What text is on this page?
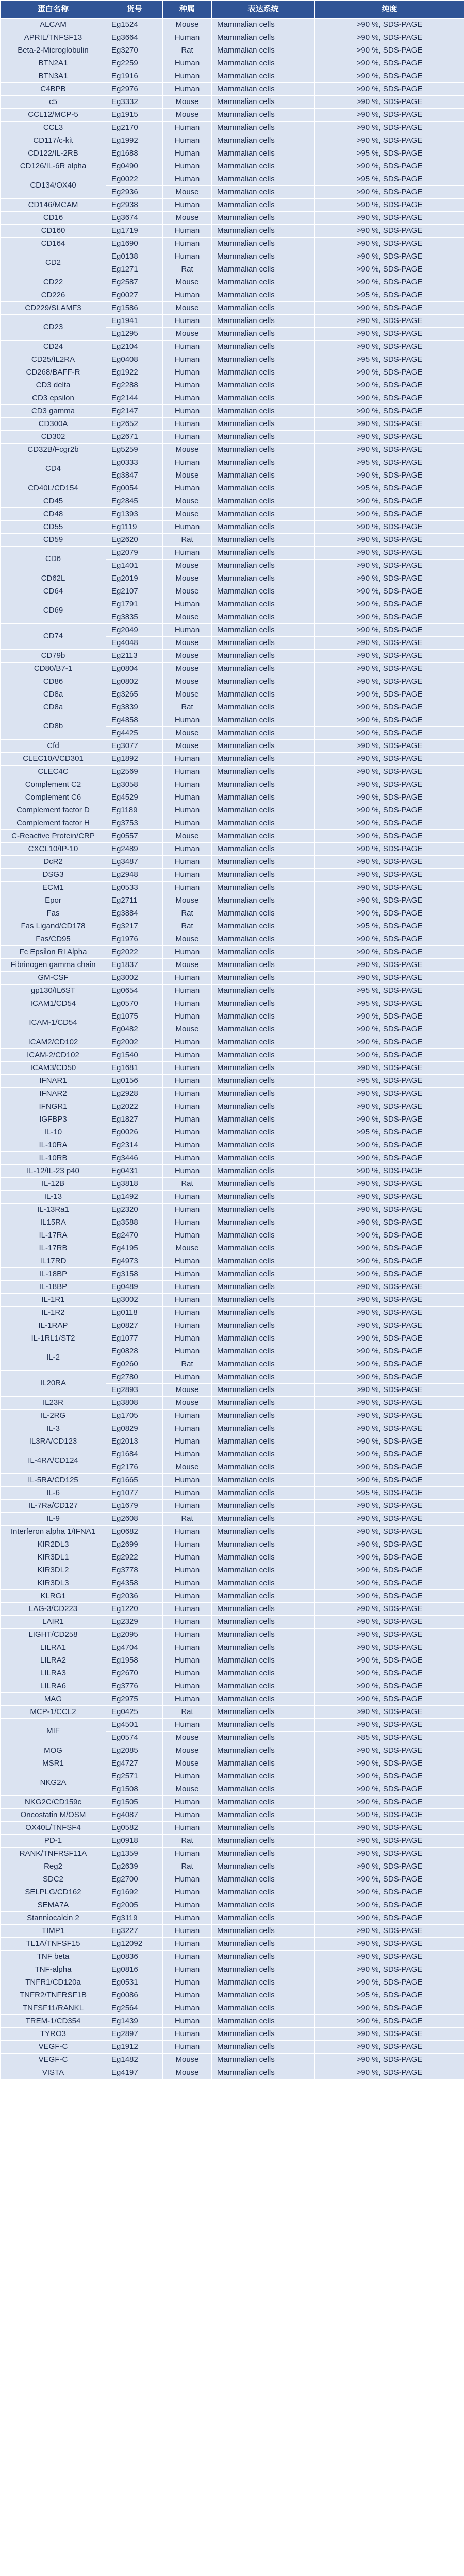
蛋白名称	货号	种属	表达系统	纯度
ALCAM	Eg1524	Mouse	Mammalian cells	>90 %, SDS-PAGE
APRIL/TNFSF13	Eg3664	Human	Mammalian cells	>90 %, SDS-PAGE
Beta-2-Microglobulin	Eg3270	Rat	Mammalian cells	>90 %, SDS-PAGE
BTN2A1	Eg2259	Human	Mammalian cells	>90 %, SDS-PAGE
BTN3A1	Eg1916	Human	Mammalian cells	>90 %, SDS-PAGE
C4BPB	Eg2976	Human	Mammalian cells	>90 %, SDS-PAGE
c5	Eg3332	Mouse	Mammalian cells	>90 %, SDS-PAGE
CCL12/MCP-5	Eg1915	Mouse	Mammalian cells	>90 %, SDS-PAGE
CCL3	Eg2170	Human	Mammalian cells	>90 %, SDS-PAGE
CD117/c-kit	Eg1992	Human	Mammalian cells	>90 %, SDS-PAGE
CD122/IL-2RB	Eg1688	Human	Mammalian cells	>95 %, SDS-PAGE
CD126/IL-6R alpha	Eg0490	Human	Mammalian cells	>90 %, SDS-PAGE
CD134/OX40	Eg0022	Human	Mammalian cells	>95 %, SDS-PAGE
	Eg2936	Mouse	Mammalian cells	>90 %, SDS-PAGE
CD146/MCAM	Eg2938	Human	Mammalian cells	>90 %, SDS-PAGE
CD16	Eg3674	Mouse	Mammalian cells	>90 %, SDS-PAGE
CD160	Eg1719	Human	Mammalian cells	>90 %, SDS-PAGE
CD164	Eg1690	Human	Mammalian cells	>90 %, SDS-PAGE
CD2	Eg0138	Human	Mammalian cells	>90 %, SDS-PAGE
	Eg1271	Rat	Mammalian cells	>90 %, SDS-PAGE
CD22	Eg2587	Mouse	Mammalian cells	>90 %, SDS-PAGE
CD226	Eg0027	Human	Mammalian cells	>95 %, SDS-PAGE
CD229/SLAMF3	Eg1586	Mouse	Mammalian cells	>90 %, SDS-PAGE
CD23	Eg1941	Human	Mammalian cells	>90 %, SDS-PAGE
	Eg1295	Mouse	Mammalian cells	>90 %, SDS-PAGE
CD24	Eg2104	Human	Mammalian cells	>90 %, SDS-PAGE
CD25/IL2RA	Eg0408	Human	Mammalian cells	>95 %, SDS-PAGE
CD268/BAFF-R	Eg1922	Human	Mammalian cells	>90 %, SDS-PAGE
CD3 delta	Eg2288	Human	Mammalian cells	>90 %, SDS-PAGE
CD3 epsilon	Eg2144	Human	Mammalian cells	>90 %, SDS-PAGE
CD3 gamma	Eg2147	Human	Mammalian cells	>90 %, SDS-PAGE
CD300A	Eg2652	Human	Mammalian cells	>90 %, SDS-PAGE
CD302	Eg2671	Human	Mammalian cells	>90 %, SDS-PAGE
CD32B/Fcgr2b	Eg5259	Mouse	Mammalian cells	>90 %, SDS-PAGE
CD4	Eg0333	Human	Mammalian cells	>95 %, SDS-PAGE
	Eg3847	Mouse	Mammalian cells	>90 %, SDS-PAGE
CD40L/CD154	Eg0054	Human	Mammalian cells	>95 %, SDS-PAGE
CD45	Eg2845	Mouse	Mammalian cells	>90 %, SDS-PAGE
CD48	Eg1393	Mouse	Mammalian cells	>90 %, SDS-PAGE
CD55	Eg1119	Human	Mammalian cells	>90 %, SDS-PAGE
CD59	Eg2620	Rat	Mammalian cells	>90 %, SDS-PAGE
CD6	Eg2079	Human	Mammalian cells	>90 %, SDS-PAGE
	Eg1401	Mouse	Mammalian cells	>90 %, SDS-PAGE
CD62L	Eg2019	Mouse	Mammalian cells	>90 %, SDS-PAGE
CD64	Eg2107	Mouse	Mammalian cells	>90 %, SDS-PAGE
CD69	Eg1791	Human	Mammalian cells	>90 %, SDS-PAGE
	Eg3835	Mouse	Mammalian cells	>90 %, SDS-PAGE
CD74	Eg2049	Human	Mammalian cells	>90 %, SDS-PAGE
	Eg4048	Mouse	Mammalian cells	>90 %, SDS-PAGE
CD79b	Eg2113	Mouse	Mammalian cells	>90 %, SDS-PAGE
CD80/B7-1	Eg0804	Mouse	Mammalian cells	>90 %, SDS-PAGE
CD86	Eg0802	Mouse	Mammalian cells	>90 %, SDS-PAGE
CD8a	Eg3265	Mouse	Mammalian cells	>90 %, SDS-PAGE
CD8a	Eg3839	Rat	Mammalian cells	>90 %, SDS-PAGE
CD8b	Eg4858	Human	Mammalian cells	>90 %, SDS-PAGE
	Eg4425	Mouse	Mammalian cells	>90 %, SDS-PAGE
Cfd	Eg3077	Mouse	Mammalian cells	>90 %, SDS-PAGE
CLEC10A/CD301	Eg1892	Human	Mammalian cells	>90 %, SDS-PAGE
CLEC4C	Eg2569	Human	Mammalian cells	>90 %, SDS-PAGE
Complement C2	Eg3058	Human	Mammalian cells	>90 %, SDS-PAGE
Complement C6	Eg4529	Human	Mammalian cells	>90 %, SDS-PAGE
Complement factor D	Eg1189	Human	Mammalian cells	>90 %, SDS-PAGE
Complement factor H	Eg3753	Human	Mammalian cells	>90 %, SDS-PAGE
C-Reactive Protein/CRP	Eg0557	Mouse	Mammalian cells	>90 %, SDS-PAGE
CXCL10/IP-10	Eg2489	Human	Mammalian cells	>90 %, SDS-PAGE
DcR2	Eg3487	Human	Mammalian cells	>90 %, SDS-PAGE
DSG3	Eg2948	Human	Mammalian cells	>90 %, SDS-PAGE
ECM1	Eg0533	Human	Mammalian cells	>90 %, SDS-PAGE
Epor	Eg2711	Mouse	Mammalian cells	>90 %, SDS-PAGE
Fas	Eg3884	Rat	Mammalian cells	>90 %, SDS-PAGE
Fas Ligand/CD178	Eg3217	Rat	Mammalian cells	>95 %, SDS-PAGE
Fas/CD95	Eg1976	Mouse	Mammalian cells	>90 %, SDS-PAGE
Fc Epsilon RI Alpha	Eg2022	Human	Mammalian cells	>90 %, SDS-PAGE
Fibrinogen gamma chain	Eg1837	Mouse	Mammalian cells	>90 %, SDS-PAGE
GM-CSF	Eg3002	Human	Mammalian cells	>90 %, SDS-PAGE
gp130/IL6ST	Eg0654	Human	Mammalian cells	>95 %, SDS-PAGE
ICAM1/CD54	Eg0570	Human	Mammalian cells	>95 %, SDS-PAGE
ICAM-1/CD54	Eg1075	Human	Mammalian cells	>90 %, SDS-PAGE
	Eg0482	Mouse	Mammalian cells	>90 %, SDS-PAGE
ICAM2/CD102	Eg2002	Human	Mammalian cells	>90 %, SDS-PAGE
ICAM-2/CD102	Eg1540	Human	Mammalian cells	>90 %, SDS-PAGE
ICAM3/CD50	Eg1681	Human	Mammalian cells	>90 %, SDS-PAGE
IFNAR1	Eg0156	Human	Mammalian cells	>95 %, SDS-PAGE
IFNAR2	Eg2928	Human	Mammalian cells	>90 %, SDS-PAGE
IFNGR1	Eg2022	Human	Mammalian cells	>90 %, SDS-PAGE
IGFBP3	Eg1827	Human	Mammalian cells	>90 %, SDS-PAGE
IL-10	Eg0026	Human	Mammalian cells	>95 %, SDS-PAGE
IL-10RA	Eg2314	Human	Mammalian cells	>90 %, SDS-PAGE
IL-10RB	Eg3446	Human	Mammalian cells	>90 %, SDS-PAGE
IL-12/IL-23 p40	Eg0431	Human	Mammalian cells	>90 %, SDS-PAGE
IL-12B	Eg3818	Rat	Mammalian cells	>90 %, SDS-PAGE
IL-13	Eg1492	Human	Mammalian cells	>90 %, SDS-PAGE
IL-13Ra1	Eg2320	Human	Mammalian cells	>90 %, SDS-PAGE
IL15RA	Eg3588	Human	Mammalian cells	>90 %, SDS-PAGE
IL-17RA	Eg2470	Human	Mammalian cells	>90 %, SDS-PAGE
IL-17RB	Eg4195	Mouse	Mammalian cells	>90 %, SDS-PAGE
IL17RD	Eg4973	Human	Mammalian cells	>90 %, SDS-PAGE
IL-18BP	Eg3158	Human	Mammalian cells	>90 %, SDS-PAGE
IL-18BP	Eg0489	Human	Mammalian cells	>90 %, SDS-PAGE
IL-1R1	Eg3002	Human	Mammalian cells	>90 %, SDS-PAGE
IL-1R2	Eg0118	Human	Mammalian cells	>90 %, SDS-PAGE
IL-1RAP	Eg0827	Human	Mammalian cells	>90 %, SDS-PAGE
IL-1RL1/ST2	Eg1077	Human	Mammalian cells	>90 %, SDS-PAGE
IL-2	Eg0828	Human	Mammalian cells	>90 %, SDS-PAGE
	Eg0260	Rat	Mammalian cells	>90 %, SDS-PAGE
IL20RA	Eg2780	Human	Mammalian cells	>90 %, SDS-PAGE
	Eg2893	Mouse	Mammalian cells	>90 %, SDS-PAGE
IL23R	Eg3808	Mouse	Mammalian cells	>90 %, SDS-PAGE
IL-2RG	Eg1705	Human	Mammalian cells	>90 %, SDS-PAGE
IL-3	Eg0829	Human	Mammalian cells	>90 %, SDS-PAGE
IL3RA/CD123	Eg2013	Human	Mammalian cells	>90 %, SDS-PAGE
IL-4RA/CD124	Eg1684	Human	Mammalian cells	>90 %, SDS-PAGE
	Eg2176	Mouse	Mammalian cells	>90 %, SDS-PAGE
IL-5RA/CD125	Eg1665	Human	Mammalian cells	>90 %, SDS-PAGE
IL-6	Eg1077	Human	Mammalian cells	>95 %, SDS-PAGE
IL-7Ra/CD127	Eg1679	Human	Mammalian cells	>90 %, SDS-PAGE
IL-9	Eg2608	Rat	Mammalian cells	>90 %, SDS-PAGE
Interferon alpha 1/IFNA1	Eg0682	Human	Mammalian cells	>90 %, SDS-PAGE
KIR2DL3	Eg2699	Human	Mammalian cells	>90 %, SDS-PAGE
KIR3DL1	Eg2922	Human	Mammalian cells	>90 %, SDS-PAGE
KIR3DL2	Eg3778	Human	Mammalian cells	>90 %, SDS-PAGE
KIR3DL3	Eg4358	Human	Mammalian cells	>90 %, SDS-PAGE
KLRG1	Eg2036	Human	Mammalian cells	>90 %, SDS-PAGE
LAG-3/CD223	Eg1220	Human	Mammalian cells	>90 %, SDS-PAGE
LAIR1	Eg2329	Human	Mammalian cells	>90 %, SDS-PAGE
LIGHT/CD258	Eg2095	Human	Mammalian cells	>90 %, SDS-PAGE
LILRA1	Eg4704	Human	Mammalian cells	>90 %, SDS-PAGE
LILRA2	Eg1958	Human	Mammalian cells	>90 %, SDS-PAGE
LILRA3	Eg2670	Human	Mammalian cells	>90 %, SDS-PAGE
LILRA6	Eg3776	Human	Mammalian cells	>90 %, SDS-PAGE
MAG	Eg2975	Human	Mammalian cells	>90 %, SDS-PAGE
MCP-1/CCL2	Eg0425	Rat	Mammalian cells	>90 %, SDS-PAGE
MIF	Eg4501	Human	Mammalian cells	>90 %, SDS-PAGE
	Eg0574	Mouse	Mammalian cells	>85 %, SDS-PAGE
MOG	Eg2085	Mouse	Mammalian cells	>90 %, SDS-PAGE
MSR1	Eg4727	Mouse	Mammalian cells	>90 %, SDS-PAGE
NKG2A	Eg2571	Human	Mammalian cells	>90 %, SDS-PAGE
	Eg1508	Mouse	Mammalian cells	>90 %, SDS-PAGE
NKG2C/CD159c	Eg1505	Human	Mammalian cells	>90 %, SDS-PAGE
Oncostatin M/OSM	Eg4087	Human	Mammalian cells	>90 %, SDS-PAGE
OX40L/TNFSF4	Eg0582	Human	Mammalian cells	>90 %, SDS-PAGE
PD-1	Eg0918	Rat	Mammalian cells	>90 %, SDS-PAGE
RANK/TNFRSF11A	Eg1359	Human	Mammalian cells	>90 %, SDS-PAGE
Reg2	Eg2639	Rat	Mammalian cells	>90 %, SDS-PAGE
SDC2	Eg2700	Human	Mammalian cells	>90 %, SDS-PAGE
SELPLG/CD162	Eg1692	Human	Mammalian cells	>90 %, SDS-PAGE
SEMA7A	Eg2005	Human	Mammalian cells	>90 %, SDS-PAGE
Stanniocalcin 2	Eg3119	Human	Mammalian cells	>90 %, SDS-PAGE
TIMP1	Eg3227	Human	Mammalian cells	>90 %, SDS-PAGE
TL1A/TNFSF15	Eg12092	Human	Mammalian cells	>90 %, SDS-PAGE
TNF beta	Eg0836	Human	Mammalian cells	>90 %, SDS-PAGE
TNF-alpha	Eg0816	Human	Mammalian cells	>90 %, SDS-PAGE
TNFR1/CD120a	Eg0531	Human	Mammalian cells	>90 %, SDS-PAGE
TNFR2/TNFRSF1B	Eg0086	Human	Mammalian cells	>95 %, SDS-PAGE
TNFSF11/RANKL	Eg2564	Human	Mammalian cells	>90 %, SDS-PAGE
TREM-1/CD354	Eg1439	Human	Mammalian cells	>90 %, SDS-PAGE
TYRO3	Eg2897	Human	Mammalian cells	>90 %, SDS-PAGE
VEGF-C	Eg1912	Human	Mammalian cells	>90 %, SDS-PAGE
VEGF-C	Eg1482	Mouse	Mammalian cells	>90 %, SDS-PAGE
VISTA	Eg4197	Mouse	Mammalian cells	>90 %, SDS-PAGE
